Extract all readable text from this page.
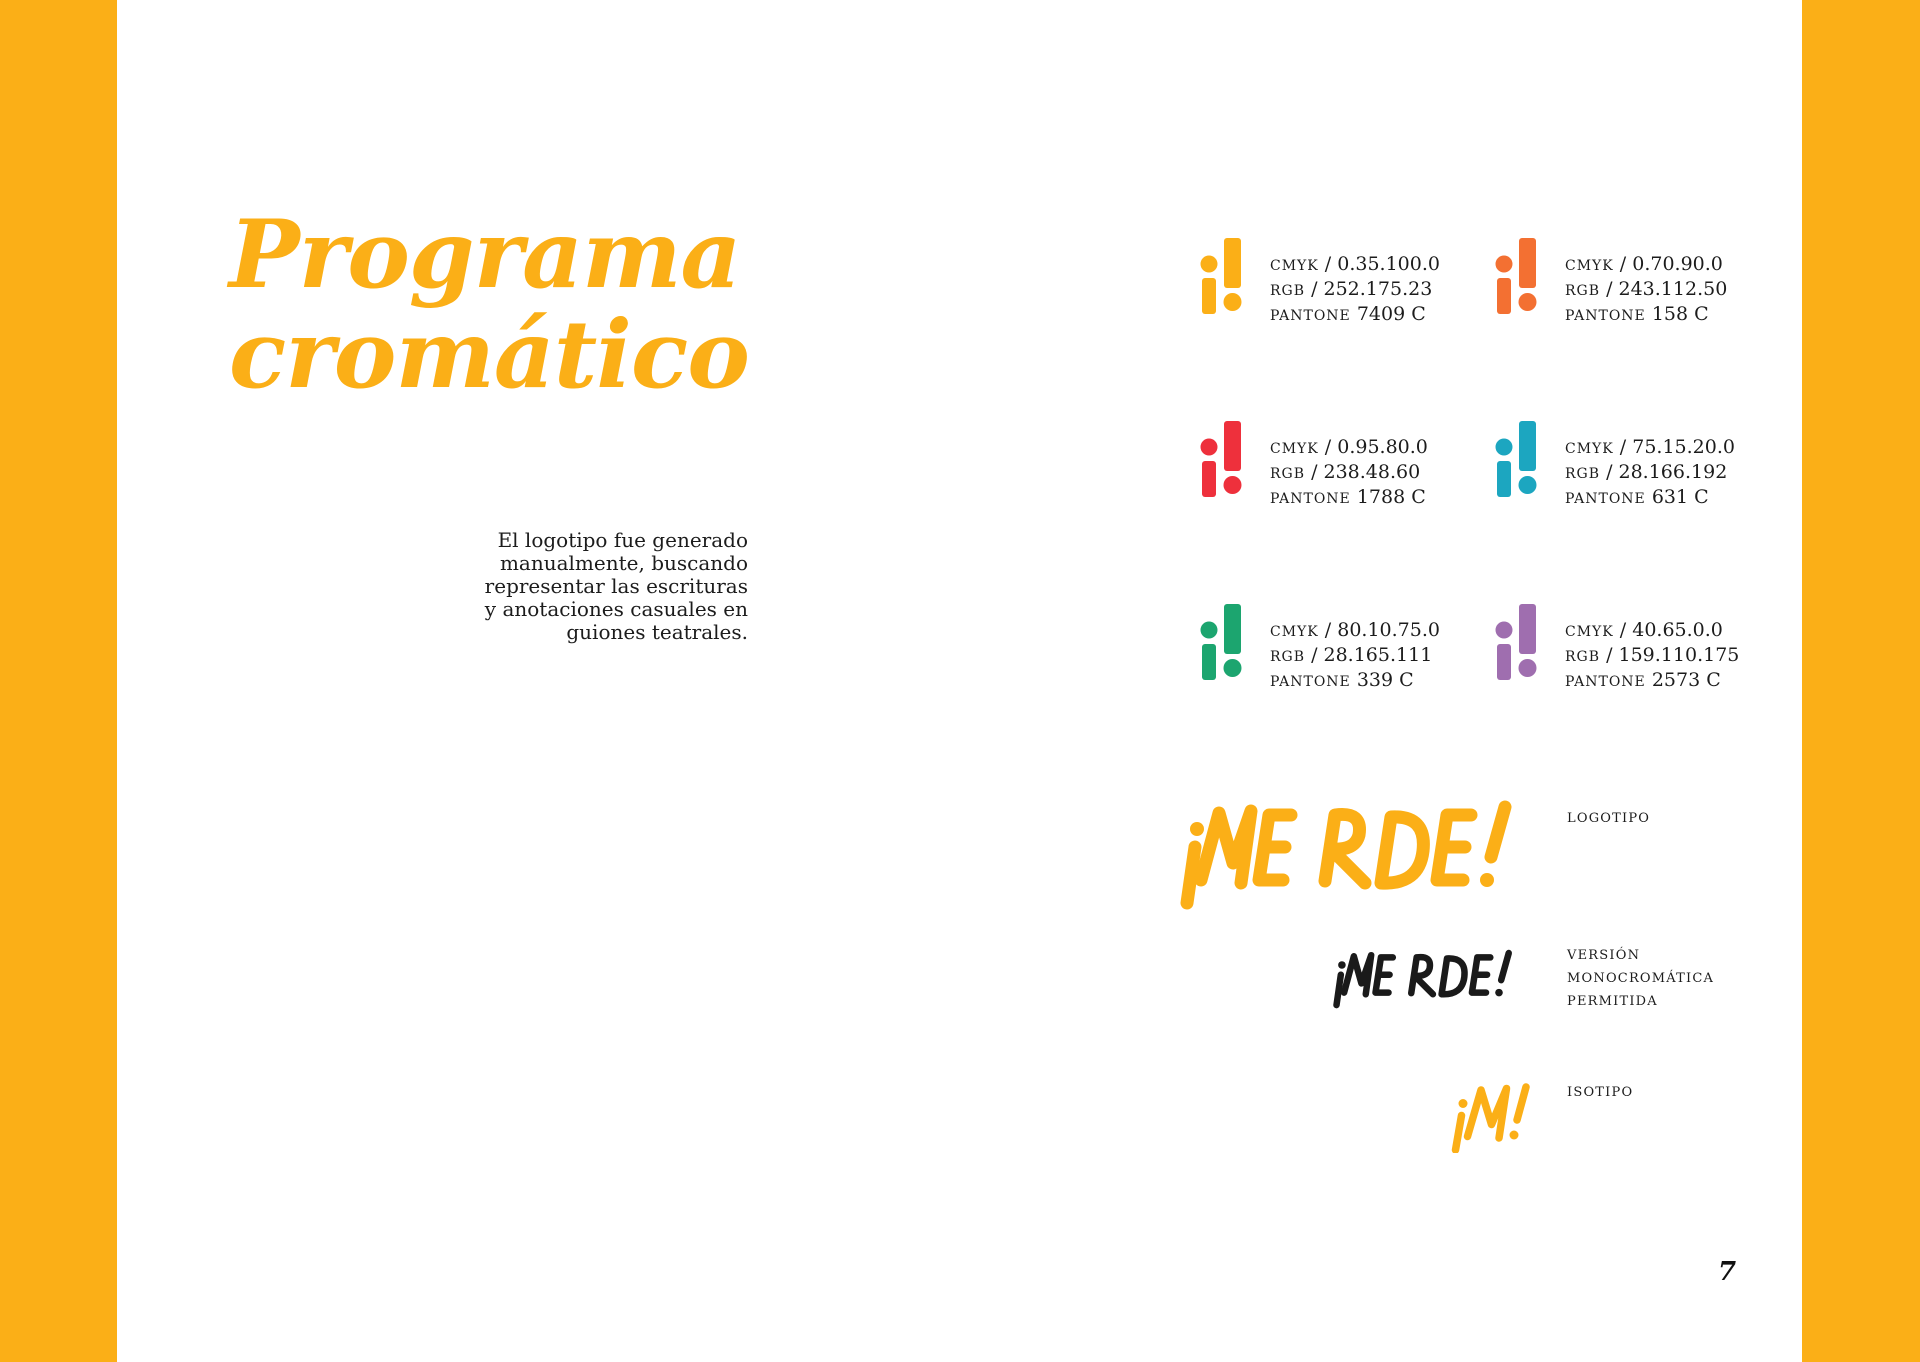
Programa
cromático
El logotipo fue generado
manualmente, buscando
representar las escrituras
y anotaciones casuales en
guiones teatrales.
CMYK / 0.35.100.0
RGB / 252.175.23
PANTONE 7409 C
CMYK / 0.70.90.0
RGB / 243.112.50
PANTONE 158 C
CMYK / 0.95.80.0
RGB / 238.48.60
PANTONE 1788 C
CMYK / 75.15.20.0
RGB / 28.166.192
PANTONE 631 C
CMYK / 80.10.75.0
RGB / 28.165.111
PANTONE 339 C
CMYK / 40.65.0.0
RGB / 159.110.175
PANTONE 2573 C
LOGOTIPO
VERSIÓN
MONOCROMÁTICA
PERMITIDA
ISOTIPO
7
